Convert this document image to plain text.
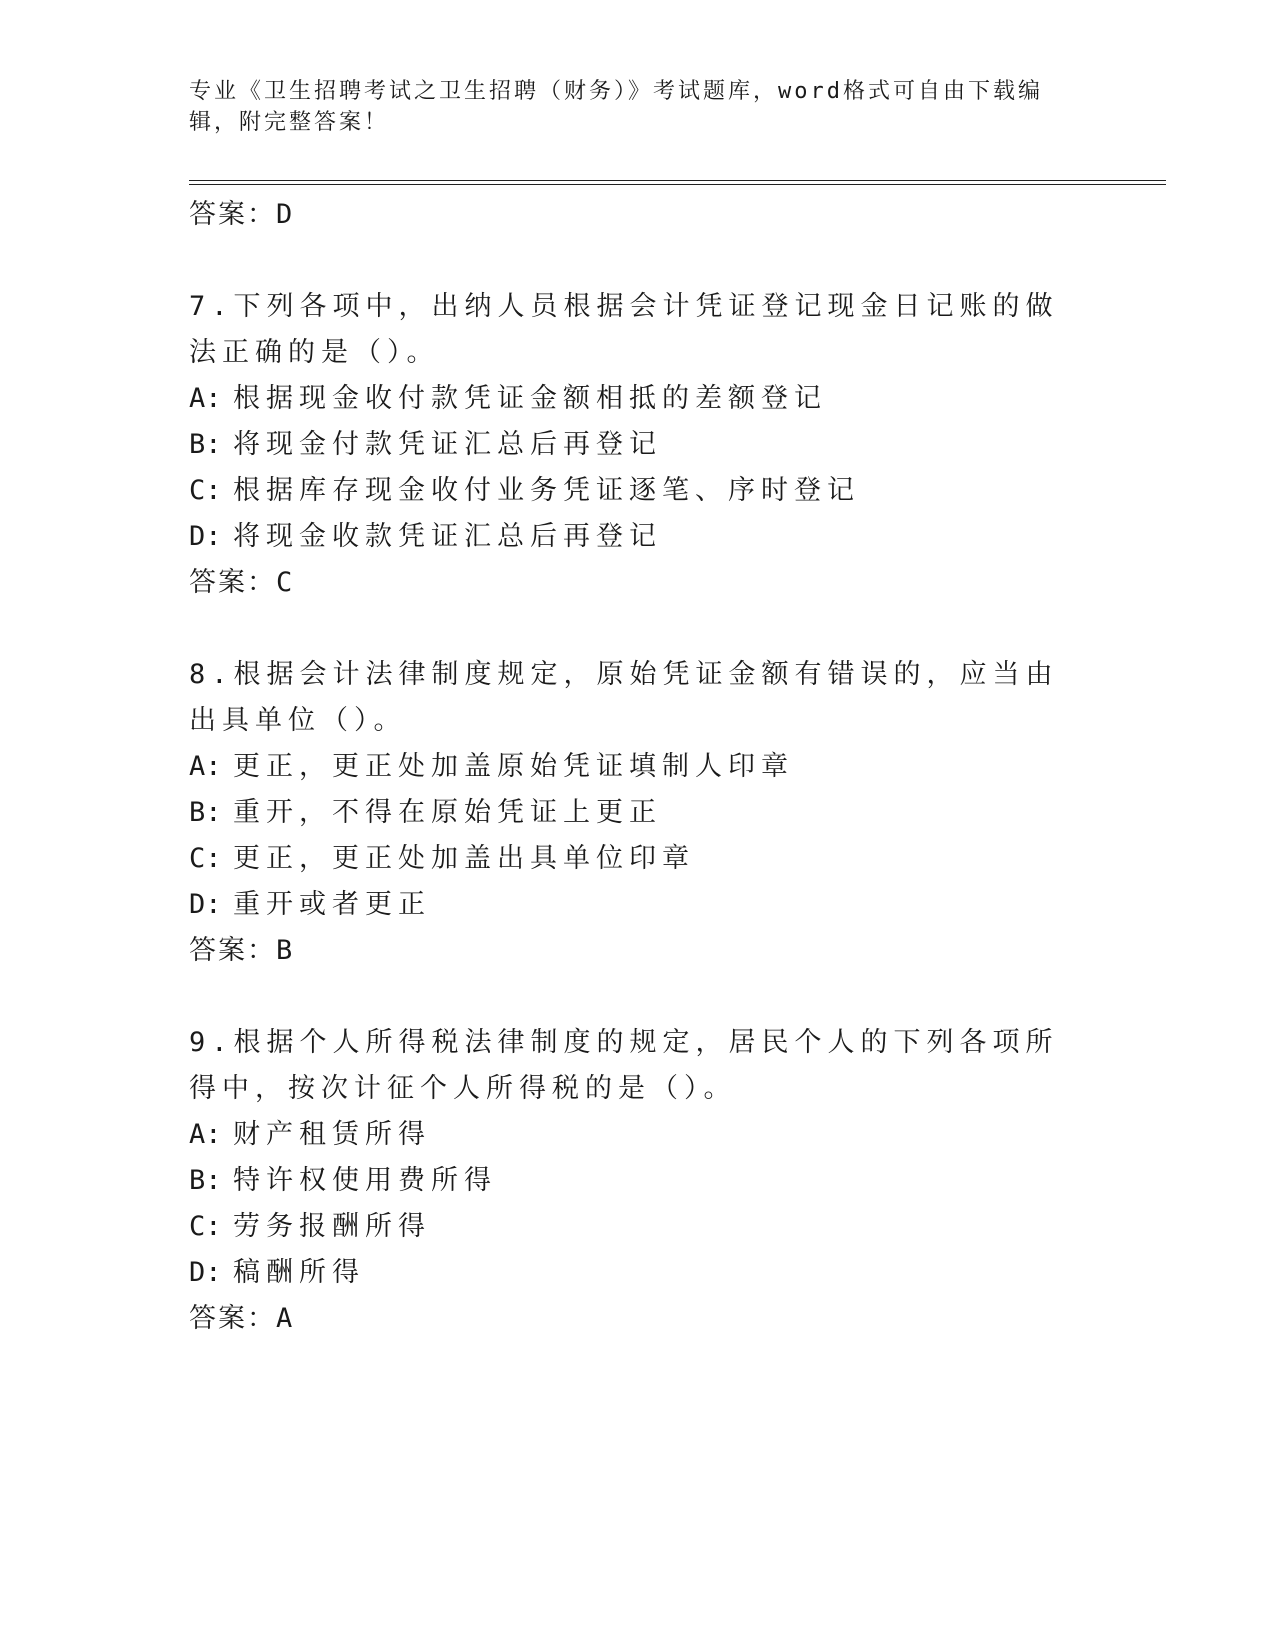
专业《卫生招聘考试之卫生招聘（财务）》考试题库，word格式可自由下载编辑，附完整答案！

答案：D

7.下列各项中，出纳人员根据会计凭证登记现金日记账的做法正确的是（）。

A: 根据现金收付款凭证金额相抵的差额登记

B: 将现金付款凭证汇总后再登记

C: 根据库存现金收付业务凭证逐笔、序时登记

D: 将现金收款凭证汇总后再登记

答案：C

8.根据会计法律制度规定，原始凭证金额有错误的，应当由出具单位（）。

A: 更正，更正处加盖原始凭证填制人印章

B: 重开，不得在原始凭证上更正

C: 更正，更正处加盖出具单位印章

D: 重开或者更正

答案：B

9.根据个人所得税法律制度的规定，居民个人的下列各项所得中，按次计征个人所得税的是（）。

A: 财产租赁所得

B: 特许权使用费所得

C: 劳务报酬所得

D: 稿酬所得

答案：A
